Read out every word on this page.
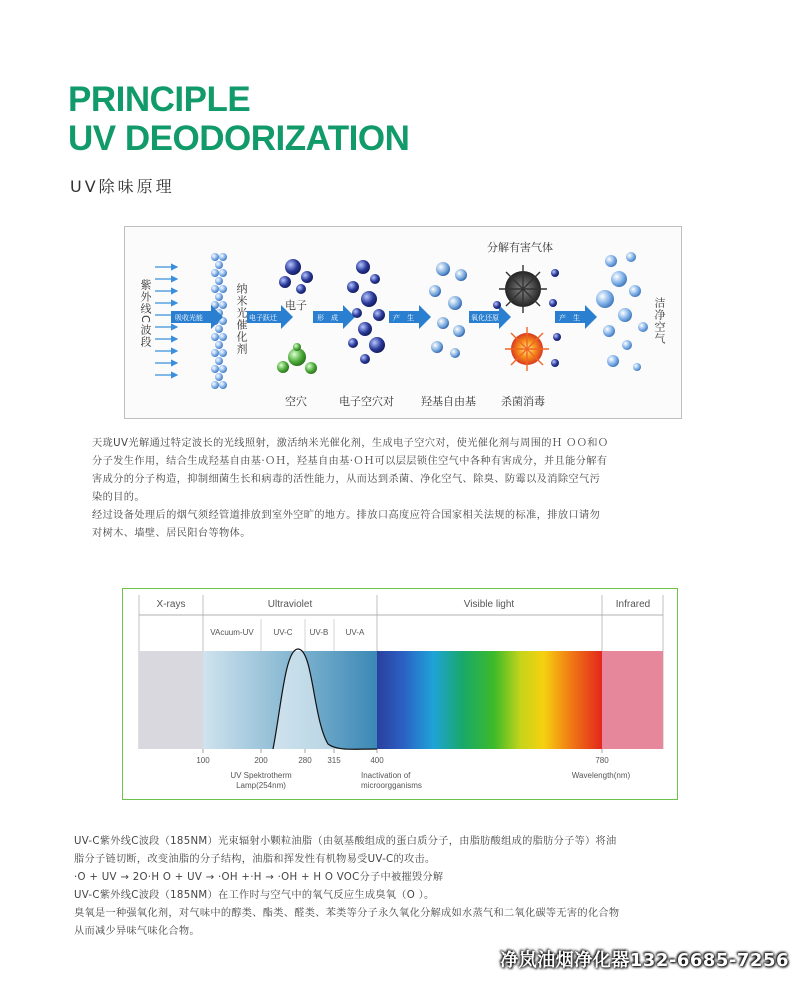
PRINCIPLE
UV DEODORIZATION
UV除味原理
紫外线C波段	纳米光催化剂
吸收光能	电子跃迁	形　成	产　生	氧化还原	产　生
电子
空穴	电子空穴对 羟基自由基 杀菌消毒
分解有害气体
洁净空气

天珑UV光解通过特定波长的光线照射，激活纳米光催化剂，生成电子空穴对，使光催化剂与周围的Ｈ ＯＯ和Ｏ

分子发生作用，结合生成羟基自由基·ＯＨ，羟基自由基·ＯＨ可以层层锁住空气中各种有害成分，并且能分解有

害成分的分子构造，抑制细菌生长和病毒的活性能力，从而达到杀菌、净化空气、除臭、防霉以及消除空气污

染的目的。

经过设备处理后的烟气须经管道排放到室外空旷的地方。排放口高度应符合国家相关法规的标准，排放口请勿

对树木、墙壁、居民阳台等物体。

X-rays	Ultraviolet	Visible light	Infrared
VAcuum-UV UV-C UV-B UV-A
100	200	280 315	400	780
UV Spektrotherm
Lamp(254nm)
Inactivation of
microorgganisms
Wavelength(nm)

UV-C紫外线C波段（185NM）光束辐射小颗粒油脂（由氨基酸组成的蛋白质分子，由脂肪酸组成的脂肪分子等）将油

脂分子链切断，改变油脂的分子结构，油脂和挥发性有机物易受UV-C的攻击。

·O + UV → 2O·H O + UV → ·OH +·H → ·OH + H O VOC分子中被摧毁分解

UV-C紫外线C波段（185NM）在工作时与空气中的氧气反应生成臭氧（O ）。

臭氧是一种强氧化剂，对气味中的醇类、酯类、醛类、苯类等分子永久氧化分解成如水蒸气和二氧化碳等无害的化合物

从而减少异味气味化合物。

净岚油烟净化器132-6685-7256
